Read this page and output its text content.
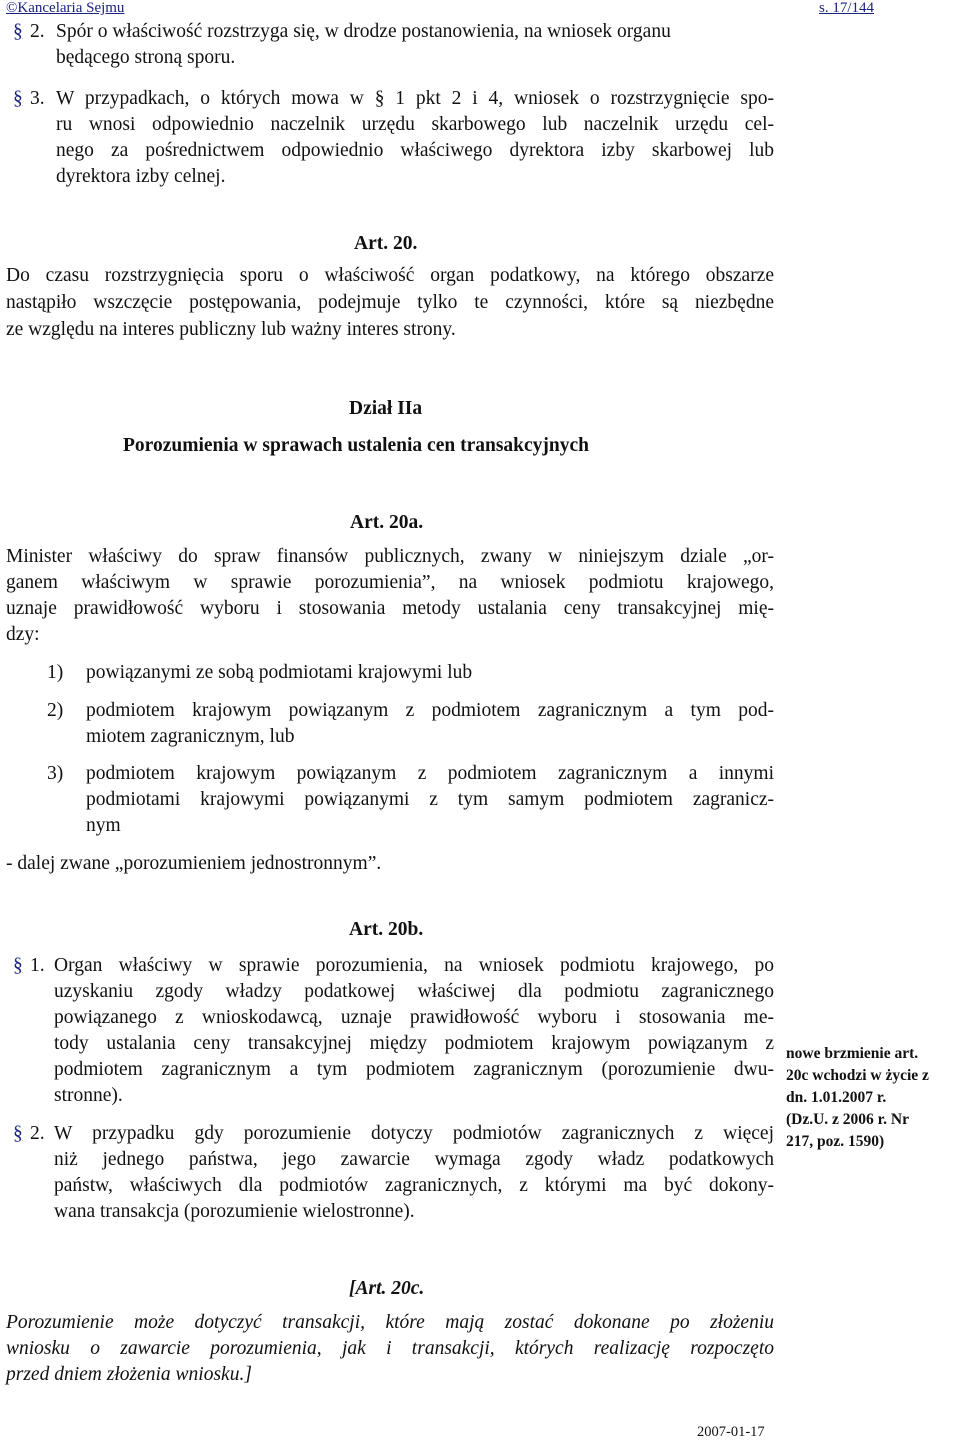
©Kancelaria Sejmu	s. 17/144
§ 2. Spór o właściwość rozstrzyga się, w drodze postanowienia, na wniosek organu
będącego stroną sporu.
§ 3. W przypadkach, o których mowa w § 1 pkt 2 i 4, wniosek o rozstrzygnięcie spo-
ru wnosi odpowiednio naczelnik urzędu skarbowego lub naczelnik urzędu cel-
nego za pośrednictwem odpowiednio właściwego dyrektora izby skarbowej lub
dyrektora izby celnej.
Art. 20.
Do czasu rozstrzygnięcia sporu o właściwość organ podatkowy, na którego obszarze
nastąpiło wszczęcie postępowania, podejmuje tylko te czynności, które są niezbędne
ze względu na interes publiczny lub ważny interes strony.
Dział IIa
Porozumienia w sprawach ustalenia cen transakcyjnych
Art. 20a.
Minister właściwy do spraw finansów publicznych, zwany w niniejszym dziale „or-
ganem właściwym w sprawie porozumienia”, na wniosek podmiotu krajowego,
uznaje prawidłowość wyboru i stosowania metody ustalania ceny transakcyjnej mię-
dzy:
1) powiązanymi ze sobą podmiotami krajowymi lub
2) podmiotem krajowym powiązanym z podmiotem zagranicznym a tym pod-
miotem zagranicznym, lub
3) podmiotem krajowym powiązanym z podmiotem zagranicznym a innymi
podmiotami krajowymi powiązanymi z tym samym podmiotem zagranicz-
nym
- dalej zwane „porozumieniem jednostronnym”.
Art. 20b.
§ 1. Organ właściwy w sprawie porozumienia, na wniosek podmiotu krajowego, po
uzyskaniu zgody władzy podatkowej właściwej dla podmiotu zagranicznego
powiązanego z wnioskodawcą, uznaje prawidłowość wyboru i stosowania me-
tody ustalania ceny transakcyjnej między podmiotem krajowym powiązanym z
podmiotem zagranicznym a tym podmiotem zagranicznym (porozumienie dwu-
stronne).
§ 2. W przypadku gdy porozumienie dotyczy podmiotów zagranicznych z więcej
niż jednego państwa, jego zawarcie wymaga zgody władz podatkowych
państw, właściwych dla podmiotów zagranicznych, z którymi ma być dokony-
wana transakcja (porozumienie wielostronne).
nowe brzmienie art.
20c wchodzi w życie z
dn. 1.01.2007 r.
(Dz.U. z 2006 r. Nr
217, poz. 1590)
[Art. 20c.
Porozumienie może dotyczyć transakcji, które mają zostać dokonane po złożeniu
wniosku o zawarcie porozumienia, jak i transakcji, których realizację rozpoczęto
przed dniem złożenia wniosku.]
2007-01-17
